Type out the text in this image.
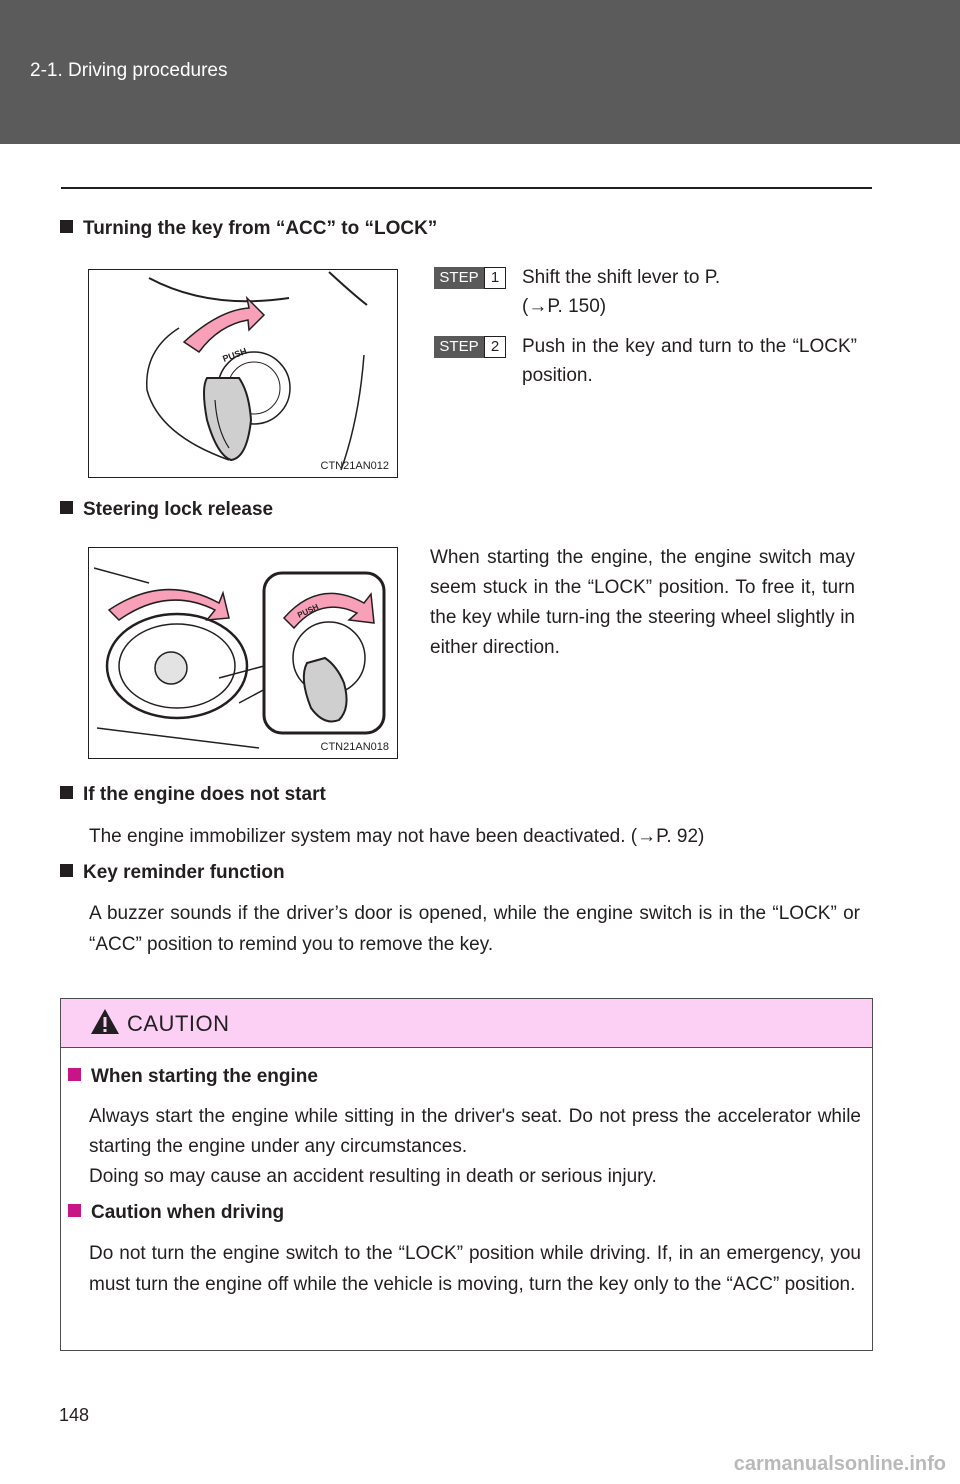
2-1. Driving procedures
Turning the key from “ACC” to “LOCK”
PUSH
CTN21AN012
STEP 1	Shift the shift lever to P.
(→P. 150)
STEP 2	Push in the key and turn to the “LOCK” position.
Steering lock release
PUSH
CTN21AN018
When starting the engine, the engine switch may seem stuck in the “LOCK” position. To free it, turn the key while turn-ing the steering wheel slightly in either direction.
If the engine does not start
The engine immobilizer system may not have been deactivated. (→P. 92)
Key reminder function
A buzzer sounds if the driver’s door is opened, while the engine switch is in the “LOCK” or “ACC” position to remind you to remove the key.
CAUTION
When starting the engine
Always start the engine while sitting in the driver's seat. Do not press the accelerator while starting the engine under any circumstances.
Doing so may cause an accident resulting in death or serious injury.
Caution when driving
Do not turn the engine switch to the “LOCK” position while driving. If, in an emergency, you must turn the engine off while the vehicle is moving, turn the key only to the “ACC” position.
148
carmanualsonline.info
